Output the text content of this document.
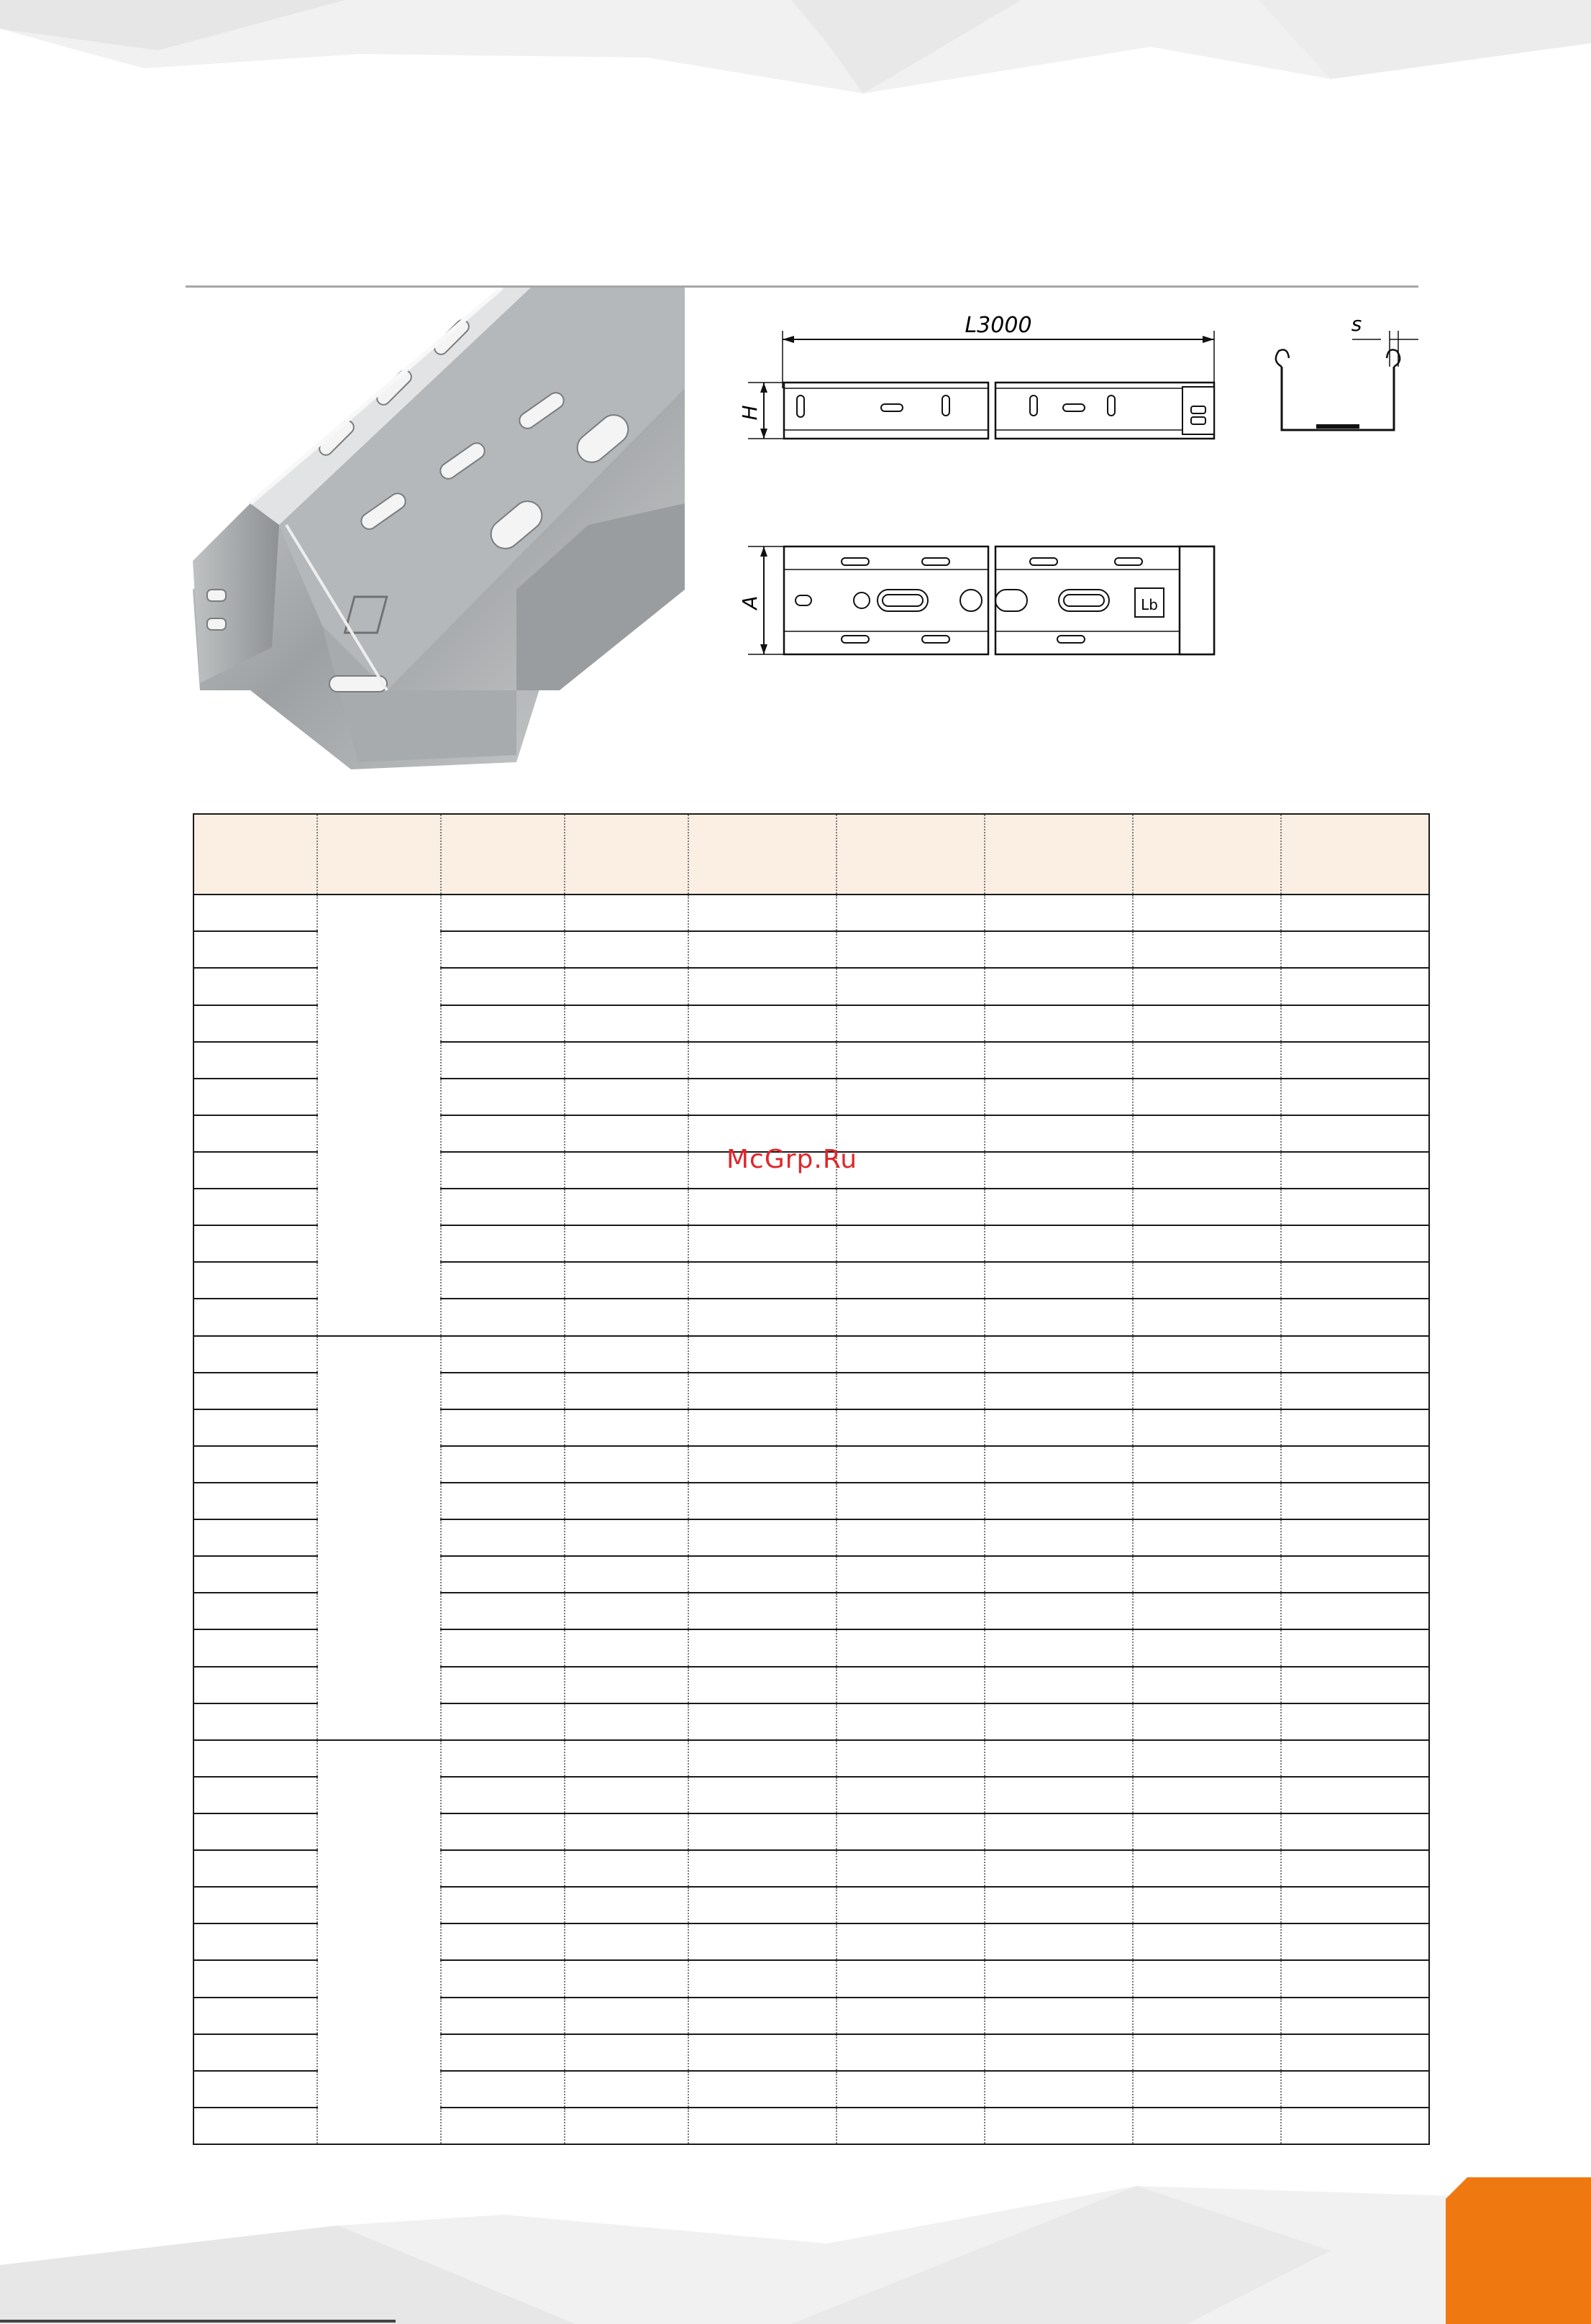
L3000
H
s
Lb
A

McGrp.Ru
